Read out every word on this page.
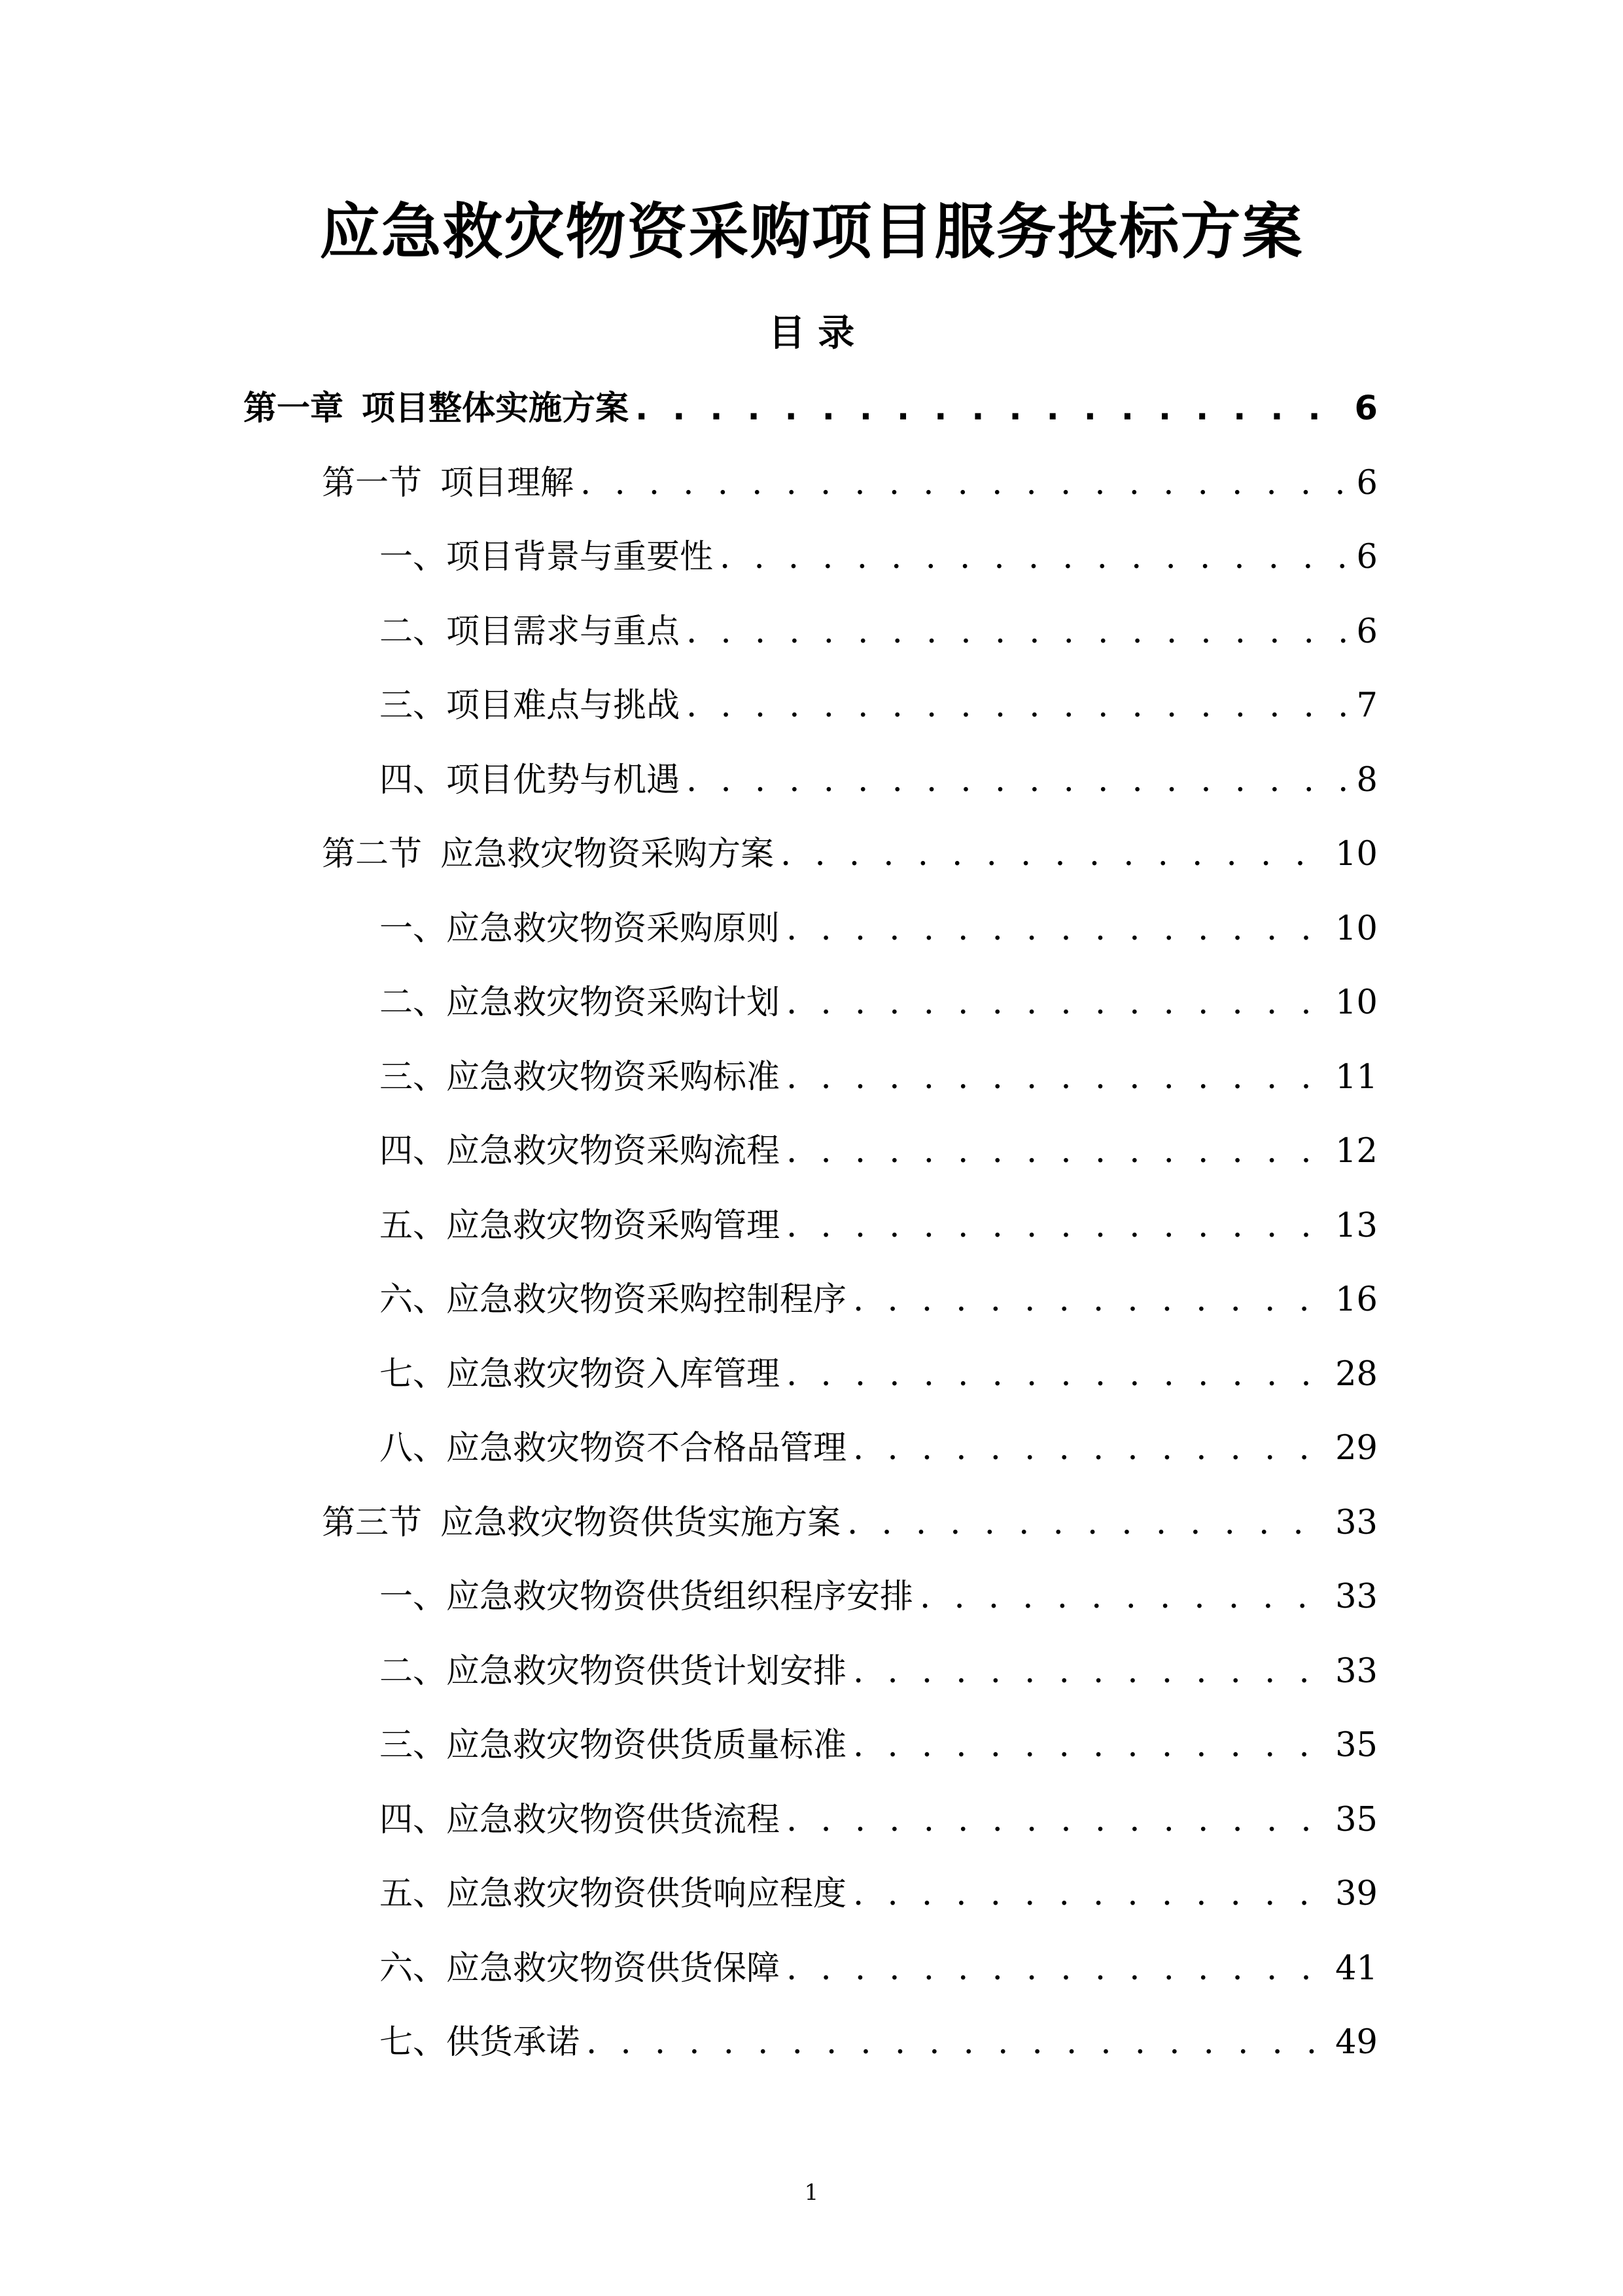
应急救灾物资采购项目服务投标方案
目 录
第一章 项目整体实施方案 . . .	6
第一节 项目理解 . . .	6
一、 项目背景与重要性 . . .	6
二、 项目需求与重点 . . .	6
三、 项目难点与挑战 . . .	7
四、 项目优势与机遇 . . .	8
第二节 应急救灾物资采购方案 . . .	10
一、 应急救灾物资采购原则 . . .	10
二、 应急救灾物资采购计划 . . .	10
三、 应急救灾物资采购标准 . . .	11
四、 应急救灾物资采购流程 . . .	12
五、 应急救灾物资采购管理 . . .	13
六、 应急救灾物资采购控制程序 . . .	16
七、 应急救灾物资入库管理 . . .	28
八、 应急救灾物资不合格品管理 . . .	29
第三节 应急救灾物资供货实施方案 . . .	33
一、 应急救灾物资供货组织程序安排 . . .	33
二、 应急救灾物资供货计划安排 . . .	33
三、 应急救灾物资供货质量标准 . . .	35
四、 应急救灾物资供货流程 . . .	35
五、 应急救灾物资供货响应程度 . . .	39
六、 应急救灾物资供货保障 . . .	41
七、 供货承诺 . . .	49
1
